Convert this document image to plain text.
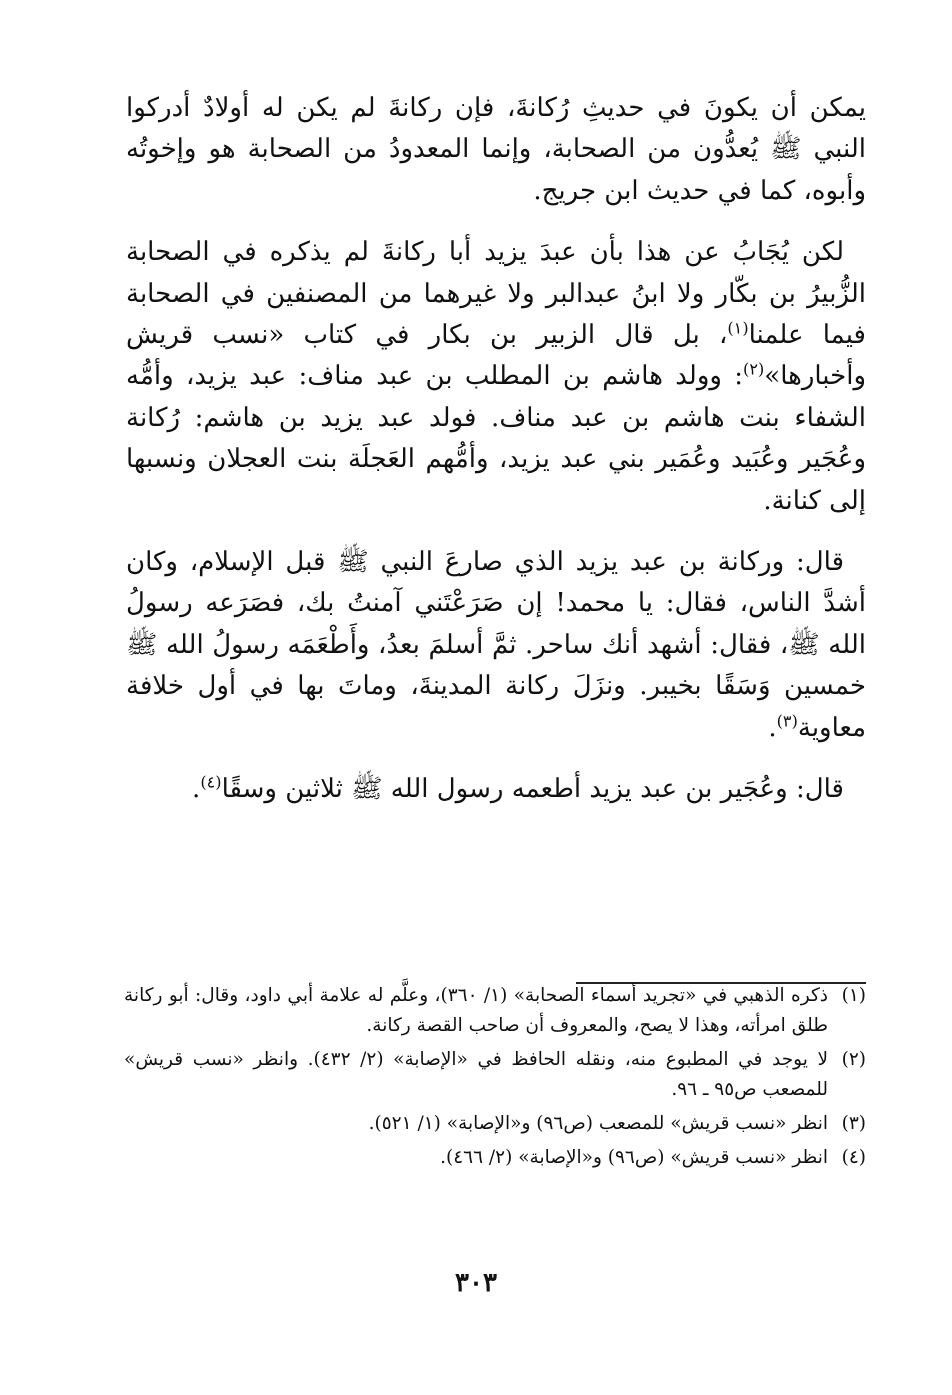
يمكن أن يكونَ في حديثِ رُكانةَ، فإن ركانةَ لم يكن له أولادٌ أدركوا النبي ﷺ يُعدُّون من الصحابة، وإنما المعدودُ من الصحابة هو وإخوتُه وأبوه، كما في حديث ابن جريج.

لكن يُجَابُ عن هذا بأن عبدَ يزيد أبا ركانةَ لم يذكره في الصحابة الزُّبيرُ بن بكّار ولا ابنُ عبدالبر ولا غيرهما من المصنفين في الصحابة فيما علمنا$^{(١)}$، بل قال الزبير بن بكار في كتاب «نسب قريش وأخبارها»$^{(٢)}$: وولد هاشم بن المطلب بن عبد مناف: عبد يزيد، وأمُّه الشفاء بنت هاشم بن عبد مناف. فولد عبد يزيد بن هاشم: رُكانة وعُجَير وعُبَيد وعُمَير بني عبد يزيد، وأمُّهم العَجلَة بنت العجلان ونسبها إلى كنانة.

قال: وركانة بن عبد يزيد الذي صارعَ النبي ﷺ قبل الإسلام، وكان أشدَّ الناس، فقال: يا محمد! إن صَرَعْتَني آمنتُ بك، فصَرَعه رسولُ الله ﷺ، فقال: أشهد أنك ساحر. ثمَّ أسلمَ بعدُ، وأَطْعَمَه رسولُ الله ﷺ خمسين وَسَقًا بخيبر. ونزَلَ ركانة المدينةَ، وماتَ بها في أول خلافة معاوية$^{(٣)}$.

قال: وعُجَير بن عبد يزيد أطعمه رسول الله ﷺ ثلاثين وسقًا$^{(٤)}$.

(١)
ذكره الذهبي في «تجريد أسماء الصحابة» (١/ ٣٦٠)، وعلَّم له علامة أبي داود، وقال: أبو ركانة طلق امرأته، وهذا لا يصح، والمعروف أن صاحب القصة ركانة.
(٢)
لا يوجد في المطبوع منه، ونقله الحافظ في «الإصابة» (٢/ ٤٣٢). وانظر «نسب قريش» للمصعب ص٩٥ ـ ٩٦.
(٣)
انظر «نسب قريش» للمصعب (ص٩٦) و«الإصابة» (١/ ٥٢١).
(٤)
انظر «نسب قريش» (ص٩٦) و«الإصابة» (٢/ ٤٦٦).
٣٠٣
